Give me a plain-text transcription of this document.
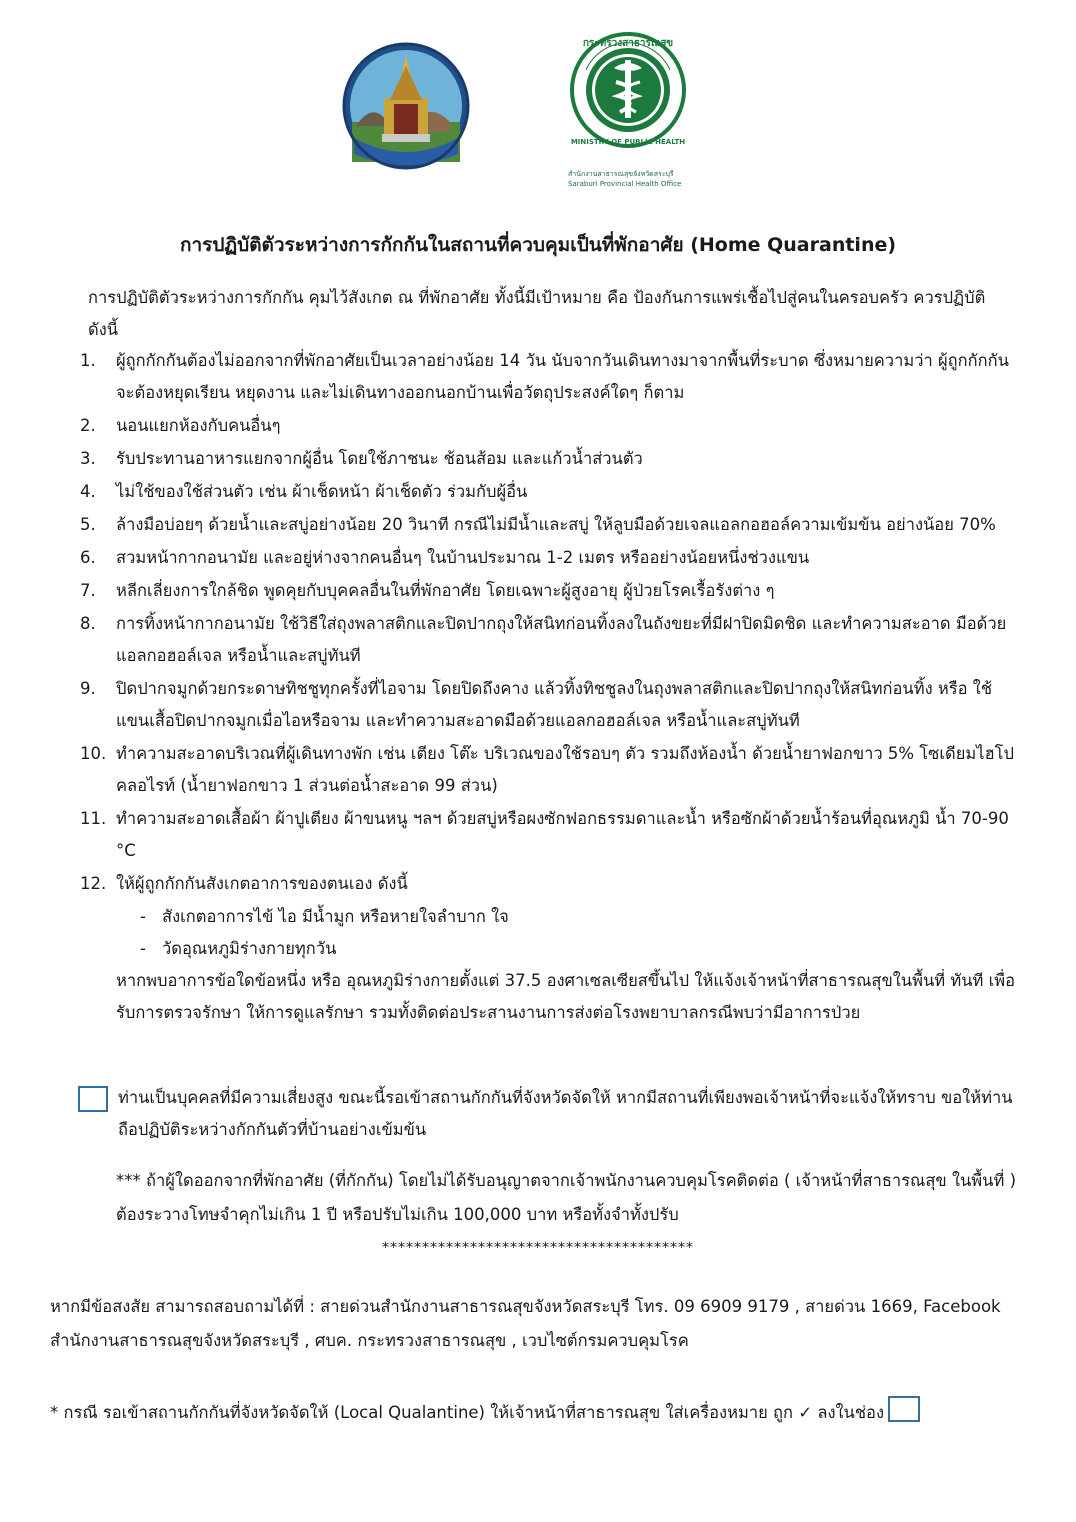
กระทรวงสาธารณสุข
MINISTRY OF PUBLIC HEALTH
สำนักงานสาธารณสุขจังหวัดสระบุรี
Saraburi Provincial Health Office
การปฏิบัติตัวระหว่างการกักกันในสถานที่ควบคุมเป็นที่พักอาศัย (Home Quarantine)
การปฏิบัติตัวระหว่างการกักกัน คุมไว้สังเกต ณ ที่พักอาศัย ทั้งนี้มีเป้าหมาย คือ ป้องกันการแพร่เชื้อไปสู่คนในครอบครัว ควรปฏิบัติ ดังนี้
1.	ผู้ถูกกักกันต้องไม่ออกจากที่พักอาศัยเป็นเวลาอย่างน้อย 14 วัน นับจากวันเดินทางมาจากพื้นที่ระบาด ซึ่งหมายความว่า ผู้ถูกกักกันจะต้องหยุดเรียน หยุดงาน และไม่เดินทางออกนอกบ้านเพื่อวัตถุประสงค์ใดๆ ก็ตาม
2.	นอนแยกห้องกับคนอื่นๆ
3.	รับประทานอาหารแยกจากผู้อื่น โดยใช้ภาชนะ ช้อนส้อม และแก้วน้ำส่วนตัว
4.	ไม่ใช้ของใช้ส่วนตัว เช่น ผ้าเช็ดหน้า ผ้าเช็ดตัว ร่วมกับผู้อื่น
5.	ล้างมือบ่อยๆ ด้วยน้ำและสบู่อย่างน้อย 20 วินาที กรณีไม่มีน้ำและสบู่ ให้ลูบมือด้วยเจลแอลกอฮอล์ความเข้มข้น อย่างน้อย 70%
6.	สวมหน้ากากอนามัย และอยู่ห่างจากคนอื่นๆ ในบ้านประมาณ 1-2 เมตร หรืออย่างน้อยหนึ่งช่วงแขน
7.	หลีกเลี่ยงการใกล้ชิด พูดคุยกับบุคคลอื่นในที่พักอาศัย โดยเฉพาะผู้สูงอายุ ผู้ป่วยโรคเรื้อรังต่าง ๆ
8.	การทิ้งหน้ากากอนามัย ใช้วิธีใส่ถุงพลาสติกและปิดปากถุงให้สนิทก่อนทิ้งลงในถังขยะที่มีฝาปิดมิดชิด และทำความสะอาด มือด้วยแอลกอฮอล์เจล หรือน้ำและสบู่ทันที
9.	ปิดปากจมูกด้วยกระดาษทิชชูทุกครั้งที่ไอจาม โดยปิดถึงคาง แล้วทิ้งทิชชูลงในถุงพลาสติกและปิดปากถุงให้สนิทก่อนทิ้ง หรือ ใช้แขนเสื้อปิดปากจมูกเมื่อไอหรือจาม และทำความสะอาดมือด้วยแอลกอฮอล์เจล หรือน้ำและสบู่ทันที
10. ทำความสะอาดบริเวณที่ผู้เดินทางพัก เช่น เตียง โต๊ะ บริเวณของใช้รอบๆ ตัว รวมถึงห้องน้ำ ด้วยน้ำยาฟอกขาว 5% โซเดียมไฮโปคลอไรท์ (น้ำยาฟอกขาว 1 ส่วนต่อน้ำสะอาด 99 ส่วน)
11. ทำความสะอาดเสื้อผ้า ผ้าปูเตียง ผ้าขนหนู ฯลฯ ด้วยสบู่หรือผงซักฟอกธรรมดาและน้ำ หรือซักผ้าด้วยน้ำร้อนที่อุณหภูมิ น้ำ 70-90 °C
12. ให้ผู้ถูกกักกันสังเกตอาการของตนเอง ดังนี้
- สังเกตอาการไข้ ไอ มีน้ำมูก หรือหายใจลำบาก ใจ
- วัดอุณหภูมิร่างกายทุกวัน
หากพบอาการข้อใดข้อหนึ่ง หรือ อุณหภูมิร่างกายตั้งแต่ 37.5 องศาเซลเซียสขึ้นไป ให้แจ้งเจ้าหน้าที่สาธารณสุขในพื้นที่ ทันที เพื่อรับการตรวจรักษา ให้การดูแลรักษา รวมทั้งติดต่อประสานงานการส่งต่อโรงพยาบาลกรณีพบว่ามีอาการป่วย
ท่านเป็นบุคคลที่มีความเสี่ยงสูง ขณะนี้รอเข้าสถานกักกันที่จังหวัดจัดให้ หากมีสถานที่เพียงพอเจ้าหน้าที่จะแจ้งให้ทราบ ขอให้ท่านถือปฏิบัติระหว่างกักกันตัวที่บ้านอย่างเข้มข้น
*** ถ้าผู้ใดออกจากที่พักอาศัย (ที่กักกัน) โดยไม่ได้รับอนุญาตจากเจ้าพนักงานควบคุมโรคติดต่อ ( เจ้าหน้าที่สาธารณสุข ในพื้นที่ ) ต้องระวางโทษจำคุกไม่เกิน 1 ปี หรือปรับไม่เกิน 100,000 บาท หรือทั้งจำทั้งปรับ
***************************************
หากมีข้อสงสัย สามารถสอบถามได้ที่ : สายด่วนสำนักงานสาธารณสุขจังหวัดสระบุรี โทร. 09 6909 9179 , สายด่วน 1669, Facebook สำนักงานสาธารณสุขจังหวัดสระบุรี , ศบค. กระทรวงสาธารณสุข , เวบไซต์กรมควบคุมโรค
* กรณี รอเข้าสถานกักกันที่จังหวัดจัดให้ (Local Qualantine) ให้เจ้าหน้าที่สาธารณสุข ใส่เครื่องหมาย ถูก ✓ ลงในช่อง
